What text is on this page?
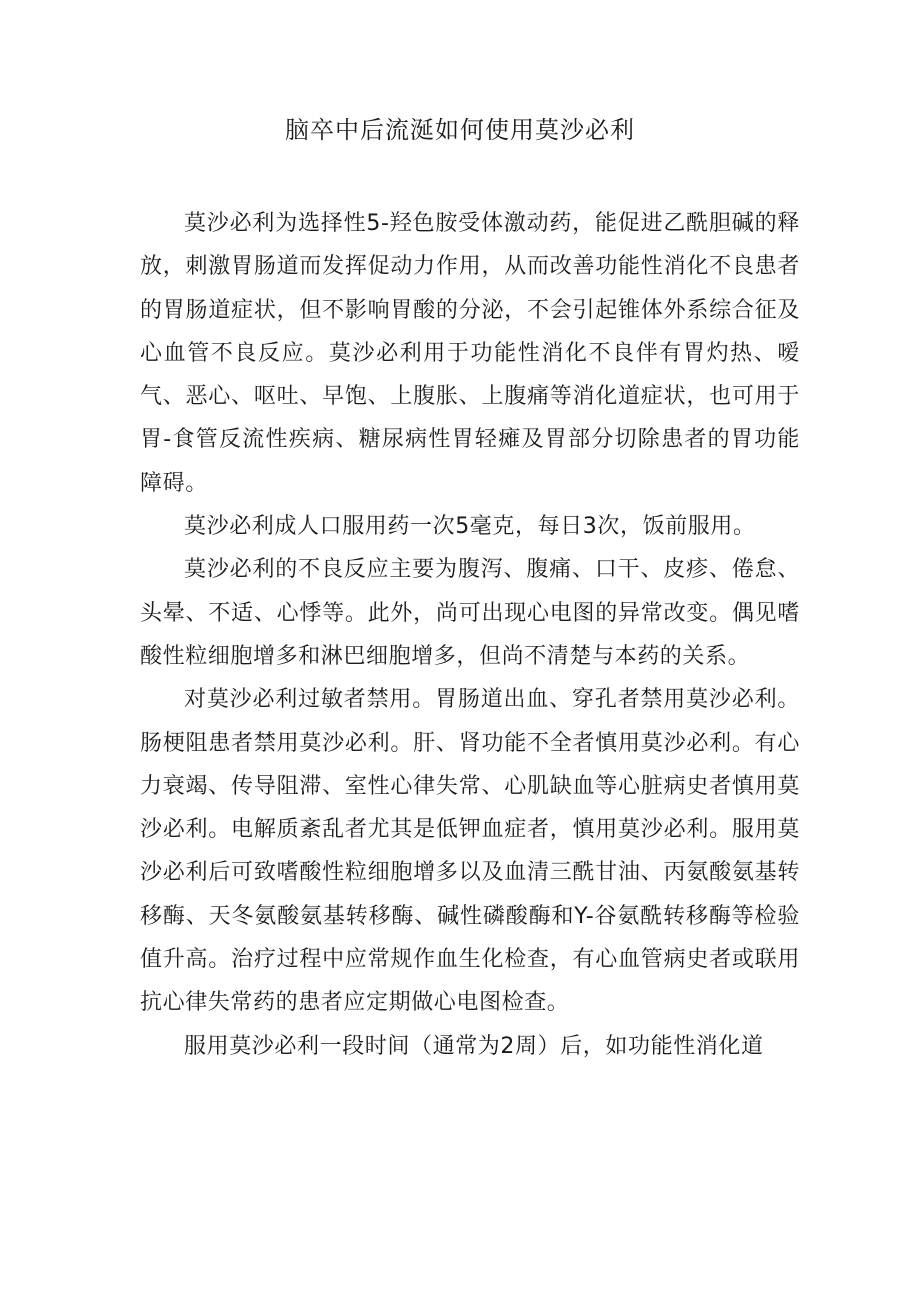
脑卒中后流涎如何使用莫沙必利

莫沙必利为选择性5-羟色胺受体激动药，能促进乙酰胆碱的释放，刺激胃肠道而发挥促动力作用，从而改善功能性消化不良患者的胃肠道症状，但不影响胃酸的分泌，不会引起锥体外系综合征及心血管不良反应。莫沙必利用于功能性消化不良伴有胃灼热、嗳气、恶心、呕吐、早饱、上腹胀、上腹痛等消化道症状，也可用于胃-食管反流性疾病、糖尿病性胃轻瘫及胃部分切除患者的胃功能障碍。

莫沙必利成人口服用药一次5毫克，每日3次，饭前服用。

莫沙必利的不良反应主要为腹泻、腹痛、口干、皮疹、倦怠、头晕、不适、心悸等。此外，尚可出现心电图的异常改变。偶见嗜酸性粒细胞增多和淋巴细胞增多，但尚不清楚与本药的关系。

对莫沙必利过敏者禁用。胃肠道出血、穿孔者禁用莫沙必利。肠梗阻患者禁用莫沙必利。肝、肾功能不全者慎用莫沙必利。有心力衰竭、传导阻滞、室性心律失常、心肌缺血等心脏病史者慎用莫沙必利。电解质紊乱者尤其是低钾血症者，慎用莫沙必利。服用莫沙必利后可致嗜酸性粒细胞增多以及血清三酰甘油、丙氨酸氨基转移酶、天冬氨酸氨基转移酶、碱性磷酸酶和Y-谷氨酰转移酶等检验值升高。治疗过程中应常规作血生化检查，有心血管病史者或联用抗心律失常药的患者应定期做心电图检查。

服用莫沙必利一段时间（通常为2周）后，如功能性消化道
